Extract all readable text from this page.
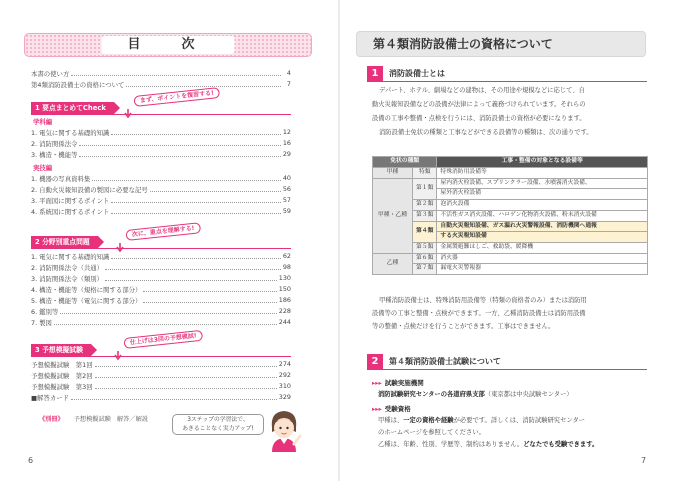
目　次
本書の使い方	4
第4類消防設備士の資格について	7
1 要点まとめてCheck
まず、ポイントを復習する!
学科編
1. 電気に関する基礎的知識	12
2. 消防関係法令	16
3. 構造・機能等	29
実技編
1. 機器の写真資料集	40
2. 自動火災報知設備の製図に必要な記号	56
3. 平面図に関するポイント	57
4. 系統図に関するポイント	59
2 分野別重点問題
次に、重点を理解する!
1. 電気に関する基礎的知識	62
2. 消防関係法令（共通）	98
3. 消防関係法令（類別）	130
4. 構造・機能等（規格に関する部分）	150
5. 構造・機能等（電気に関する部分）	186
6. 鑑別等	228
7. 製図	244
3 予想模擬試験
仕上げは3回の予想模試!
予想模擬試験　第1回	274
予想模擬試験　第2回	292
予想模擬試験　第3回	310
■解答カード	329
《別冊》 予想模擬試験　解答／解説	3ステップの学習法で、
あきることなく実力アップ!
6
第４類消防設備士の資格について
1	消防設備士とは
デパート、ホテル、劇場などの建物は、その用途や規模などに応じて、自
動火災報知設備などの設備が法律によって義務づけられています。それらの
設備の工事や整備・点検を行うには、消防設備士の資格が必要になります。
消防設備士免状の種類と工事などができる設備等の種類は、次の通りです。
免状の種類		工事・整備の対象となる設備等
甲種	特類	特殊消防用設備等
甲種・乙種	第１類	屋内消火栓設備、スプリンクラー設備、水噴霧消火設備、
		屋外消火栓設備
	第２類	泡消火設備
	第３類	不活性ガス消火設備、ハロゲン化物消火設備、粉末消火設備
	第４類	自動火災報知設備、ガス漏れ火災警報設備、消防機関へ通報
		する火災報知設備
	第５類	金属製避難はしご、救助袋、緩降機
乙種	第６類	消火器
	第７類	漏電火災警報器
甲種消防設備士は、特殊消防用設備等（特類の資格者のみ）または消防用
設備等の工事と整備・点検ができます。一方、乙種消防設備士は消防用設備
等の整備・点検だけを行うことができます。工事はできません。
2	第４類消防設備士試験について
▸▸▸ 試験実施機関
消防試験研究センターの各道府県支部（東京都は中央試験センター）
▸▸▸ 受験資格
甲種は、一定の資格や経験が必要です。詳しくは、消防試験研究センター
のホームページを参照してください。
乙種は、年齢、性別、学歴等、制約はありません。どなたでも受験できます。
7
